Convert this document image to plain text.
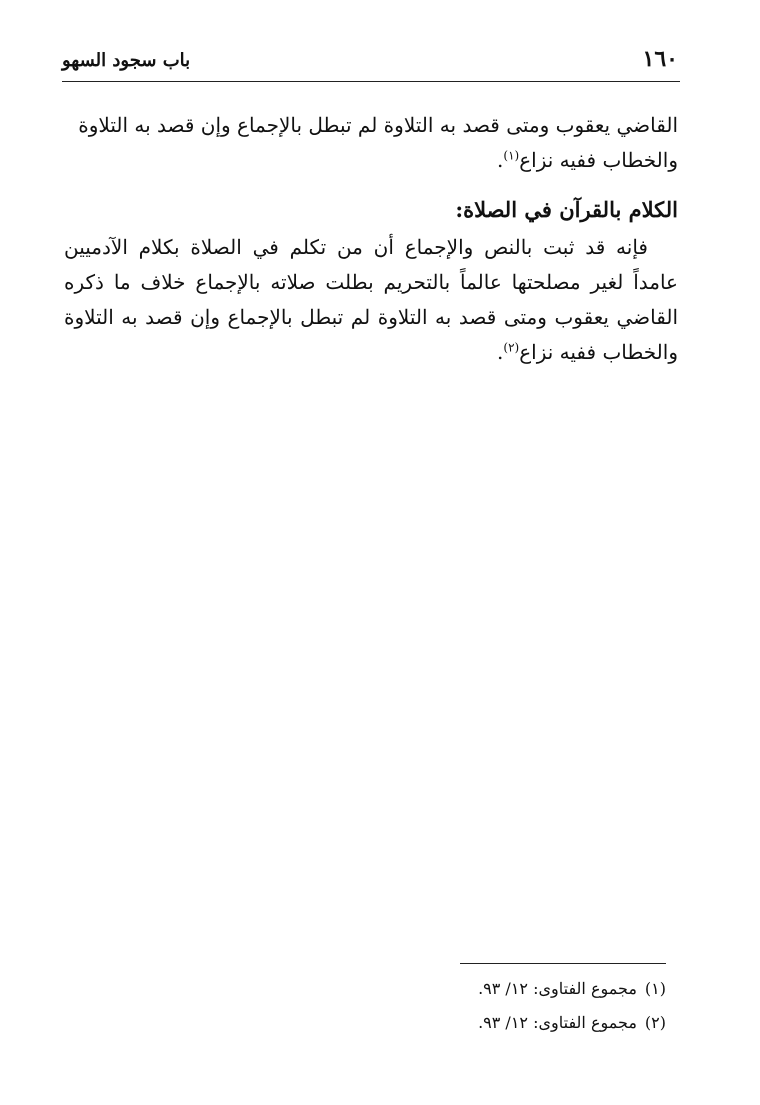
١٦٠
باب سجود السهو

القاضي يعقوب ومتى قصد به التلاوة لم تبطل بالإجماع وإن قصد به التلاوة
والخطاب ففيه نزاع$^{(١)}$.

الكلام بالقرآن في الصلاة:

فإنه قد ثبت بالنص والإجماع أن من تكلم في الصلاة بكلام الآدميين عامداً لغير مصلحتها عالماً بالتحريم بطلت صلاته بالإجماع خلاف ما ذكره القاضي يعقوب ومتى قصد به التلاوة لم تبطل بالإجماع وإن قصد به التلاوة والخطاب ففيه نزاع$^{(٢)}$.

(١)مجموع الفتاوى: ١٢/ ٩٣.

(٢)مجموع الفتاوى: ١٢/ ٩٣.
